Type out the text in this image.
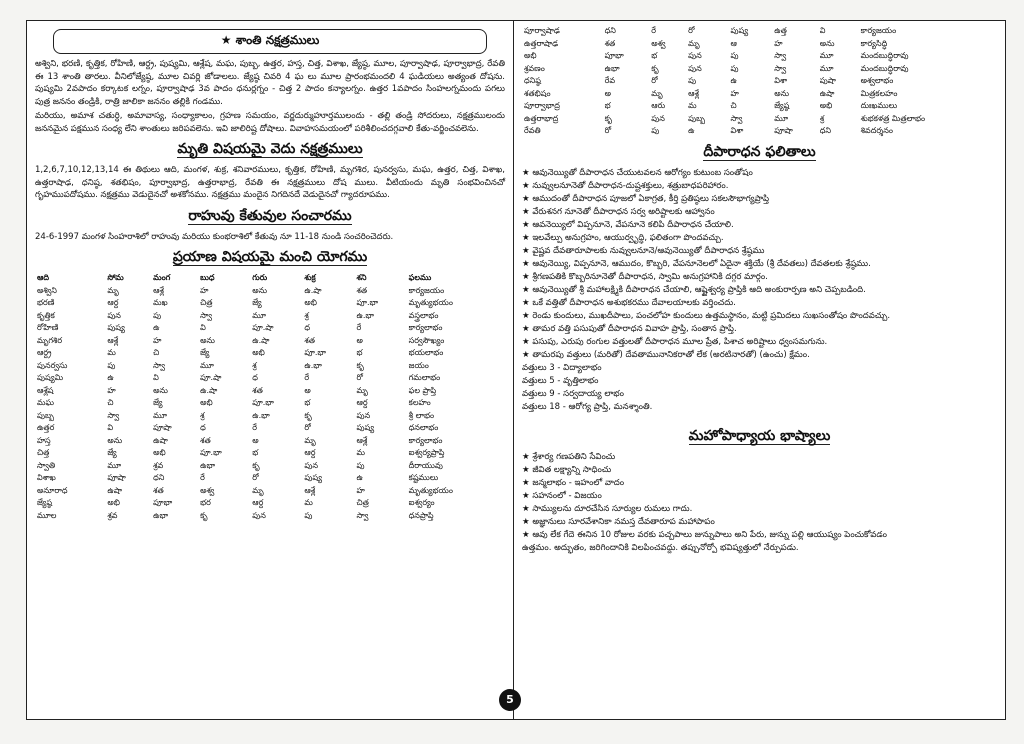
★ శాంతి నక్షత్రములు

అశ్విని, భరణి, కృత్తిక, రోహిణి, ఆర్ద్ర, పుష్యమి, ఆశ్లేష, మఘ, పుబ్బ, ఉత్తర, హస్త, చిత్త, విశాఖ, జ్యేష్ఠ, మూల, పూర్వాషాఢ, పూర్వాభాద్ర, రేవతి ఈ 13 శాంతి తారలు. వీనిలోజ్యేష్ఠ, మూల చివర్లి జోడాలలు. జ్యేష్ఠ చివరి 4 ఘ లు మూల ప్రారంభమందలి 4 ఘడియలు అత్యంత దోషను. పుష్యమి 2వపాదం కర్కాటక లగ్నం, పూర్వాషాఢ 3వ పాదం ధనుర్లగ్నం - చిత్త 2 పాదం కన్యాలగ్నం. ఉత్తర 1వపాదం సింహలగ్నమందు పగలు పుత్ర జననం తండ్రికి, రాత్రి జాలికా జననం తల్లికి గండము.

మరియు, అమాశ చతుర్ధి, అమావాస్య, సంధ్యాకాలం, గ్రహణ సమయం, వర్ణదుర్ముహూర్తములందు - తల్లి తండ్రి సోదరులు, నక్షత్రములందు జననమైన పక్షమున సంధ్య లేని శాంతులు జరిపవలెను. ఇవి జాలిరిష్ట దోషాలు. వివాహసమయంలో పరిశీలించదగ్గవాలి కేతు-వర్జించవలెను.

మృతి విషయమై వెదు నక్షత్రములు

1,2,6,7,10,12,13,14 ఈ తిథులు ఆది, మంగళ, శుక్ర, శనివారములు, కృత్తిక, రోహిణి, మృగశిర, పునర్వసు, మఘ, ఉత్తర, చిత్త, విశాఖ, ఉత్తరాషాఢ, ధనిష్ఠ, శతభిషం, పూర్వాభాద్ర, ఉత్తరాభాద్ర, రేవతి ఈ నక్షత్రములు దోష ములు. వీటియందు మృతి సంభవించినచో గృహముపదోషము. నక్షత్రము వెడుదైనచో అశకోనము. నక్షత్రము మందైన నిగదినదే వెడుదైనచో గ్యాదరూపము.

రాహువు కేతువుల సంచారము

24-6-1997 మంగళ సింహరాశిలో రాహువు మరియు కుంభరాశిలో కేతువు నూ 11-18 నుండి సంచరించెదరు.

ప్రయాణ విషయమై మంచి యోగము
ఆది	సోమ	మంగ	బుధ	గురు	శుక్ర	శని	ఫలము
అశ్విని	మృ	ఆశ్లే	హ	అను	ఉ.షా	శత	కార్యజయం
భరణి	ఆర్ద	మఖ	చిత్ర	జ్యే	అభి	పూ.భా	మృత్యుభయం
కృత్తిక	పున	పు	స్వా	మూ	శ్ర	ఉ.భా	వస్త్రలాభం
రోహిణి	పుష్య	ఉ	వి	పూ.షా	ధ	రే	కార్యలాభం
మృగశిర	ఆశ్లే	హ	అను	ఉ.షా	శత	అ	సర్వసౌఖ్యం
ఆర్ద్ర	మ	చి	జ్యే	అభి	పూ.భా	భ	భయలాభం
పునర్వసు	పు	స్వా	మూ	శ్ర	ఉ.భా	కృ	జయం
పుష్యమి	ఉ	వి	పూ.షా	ధ	రే	రో	గమలాభం
ఆశ్లేష	హ	అను	ఉ.షా	శత	అ	మృ	ఫల ప్రాప్తి
మఘ	చి	జ్యే	అభి	పూ.భా	భ	ఆర్ద	కలహం
పుబ్బ	స్వా	మూ	శ్ర	ఉ.భా	కృ	పున	శ్రీ లాభం
ఉత్తర	వి	పూషా	ధ	రే	రో	పుష్య	ధనలాభం
హస్త	అను	ఉషా	శత	అ	మృ	ఆశ్లే	కార్యలాభం
చిత్త	జ్యే	అభి	పూ.భా	భ	ఆర్ద	మ	ఐశ్వర్యప్రాప్తి
స్వాతి	మూ	శ్రవ	ఉభా	కృ	పున	పు	దీరాయువు
విశాఖ	పూషా	ధని	రే	రో	పుష్య	ఉ	కష్టములు
అనూరాధ	ఉషా	శత	అశ్వ	మృ	ఆశ్లే	హ	మృత్యుభయం
జ్యేష్ఠ	అభి	పూభా	భర	ఆర్ద	మ	చిత్ర	ఐశ్వర్యం
మూల	శ్రవ	ఉభా	కృ	పున	పు	స్వా	ధనప్రాప్తి
పూర్వాషాఢ	ధని	రే	రో	పుష్య	ఉత్త	వి	కార్యజయం
ఉత్తరాషాఢ	శత	అశ్వ	మృ	ఆ	హ	అను	కార్యసిద్ధి
అభి	పూభా	భ	పున	పు	స్వా	మూ	మందబుద్ధిరావు
శ్రవణం	ఉభా	కృ	పున	పు	స్వా	మూ	మందబుద్ధిరావు
ధనిష్ఠ	రేవ	రో	పు	ఉ	విశా	పుషా	అశ్వలాభం
శతభిషం	అ	మృ	ఆశ్లే	హ	అను	ఉషా	మిత్రకలహం
పూర్వాభాద్ర	భ	ఆరు	మ	చి	జ్యేష్ఠ	అభి	దుఃఖములు
ఉత్తరాభాద్ర	కృ	పున	పుబ్బ	స్వా	మూ	శ్ర	శుభకళత్ర మిత్రలాభం
రేవతి	రో	పు	ఉ	విశా	పూషా	ధని	శివదర్శనం
దీపారాధన ఫలితాలు
★ ఆవునెయ్యితో దీపారాధన చేయుటవలన ఆరోగ్యం కుటుంబ సంతోషం
★ నువ్వులనూనెతో దీపారాధన-దుష్టశక్తులు, శత్రుబాధపరిహారం.
★ ఆముదంతో దీపారాధన పూజలో ఏకాగ్రత, కీర్తి ప్రతిష్ఠలు సకలసౌభాగ్యప్రాప్తి
★ వేరుశనగ నూనెతో దీపారాధన సర్వ అరిష్టాలకు ఆహ్వానం
★ ఆవనెయ్యిలో విప్పనూనె, వేపనూనె కలిపి దీపారాధన చేయాలి.
★ ఇలవేల్పు అనుగ్రహం, ఆయుర్వృద్ధి, ఫలితంగా పొందవచ్చు.
★ వైష్ణవ దేవతారూపాలకు నువ్వులనూనె/ఆవునెయ్యితో దీపారాధన శ్రేష్ఠము
★ ఆవునెయ్యి, విప్పనూనె, ఆముదం, కొబ్బరి, వేపనూనెలలో ఏదైనా శక్తియే (శ్రీ దేవతలు) దేవతలకు శ్రేష్ఠము.
★ శ్రీగణపతికి కొబ్బరినూనెతో దీపారాధన, స్వామి అనుగ్రహానికి దగ్గర మార్గం.
★ ఆవునెయ్యితో శ్రీ మహాలక్ష్మికి దీపారాధన చేయాలి, ఆష్టైశ్వర్య ప్రాప్తికి ఆది అంకురార్పణ అని చెప్పబడింది.
★ ఒకే వత్తితో దీపారాధన అశుభకరము దేవాలయాలకు వర్తించదు.
★ రెండు కుందులు, ముఖదీపాలు, పంచలోహ కుందులు ఉత్తమస్థానం, మట్టి ప్రమిదలు సుఖసంతోషం పొందవచ్చు.
★ తామర వత్తి పసుపుతో దీపారాధన వివాహ ప్రాప్తి, సంతాన ప్రాప్తి.
★ పసుపు, ఎరుపు రంగుల వత్తులతో దీపారాధన మూల ప్రేత, పిశాచ అరిష్టాలు ధ్వంసమగును.
★ తామరపు వత్తులు (మరితో) దేవతామునానికరాతో లేక (అరటినారతో) (ఉంచు) క్షేమం.
వత్తులు 3 - విద్యాలాభం
వత్తులు 5 - వృత్తిలాభం
వత్తులు 9 - సర్వదాయ్య లాభం
వత్తులు 18 - ఆరోగ్య ప్రాప్తి, మనశ్శాంతి.
మహోపాధ్యాయ భాష్యాలు
★ శ్రేశార్య గణపతిని సేవించు
★ జీవిత లక్ష్యాన్ని సాధించు
★ జన్మలాభం - ఇహంలో వాదం
★ సహనంలో - విజయం
★ సామ్యులను దూరచేసిన సూర్యుల రుమలు గాదు.
★ అజ్ఞానులు సూరవేశానికా నమస్త దేవతారూప మహాపాపం
★ ఆవు లేక గేదె ఈనిన 10 రోజుల వరకు పచ్చపాలు జున్నుపాలు అని పేరు, జున్ను పల్లి ఆయుష్యం పెంచుకోవడం
ఉత్తమం. అద్భుతం, జరిగిందానికి విలపించవద్దు. తప్పునోర్పో భవిష్యత్తులో నేర్పుపడు.
5
